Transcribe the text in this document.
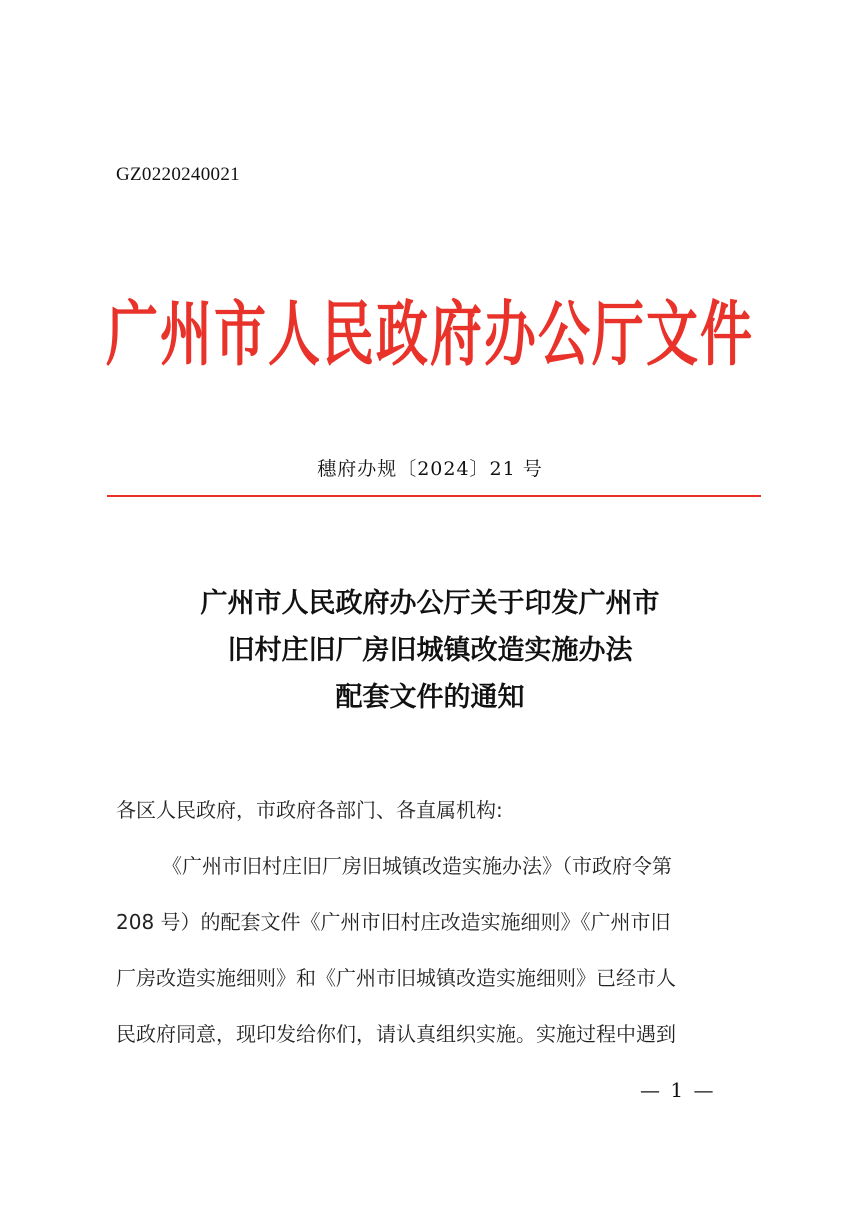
GZ0220240021
广州市人民政府办公厅文件
穗府办规〔2024〕21 号
广州市人民政府办公厅关于印发广州市
旧村庄旧厂房旧城镇改造实施办法
配套文件的通知
各区人民政府，市政府各部门、各直属机构:
《广州市旧村庄旧厂房旧城镇改造实施办法》（市政府令第
208 号）的配套文件《广州市旧村庄改造实施细则》《广州市旧
厂房改造实施细则》和《广州市旧城镇改造实施细则》已经市人
民政府同意，现印发给你们，请认真组织实施。实施过程中遇到
— 1 —
